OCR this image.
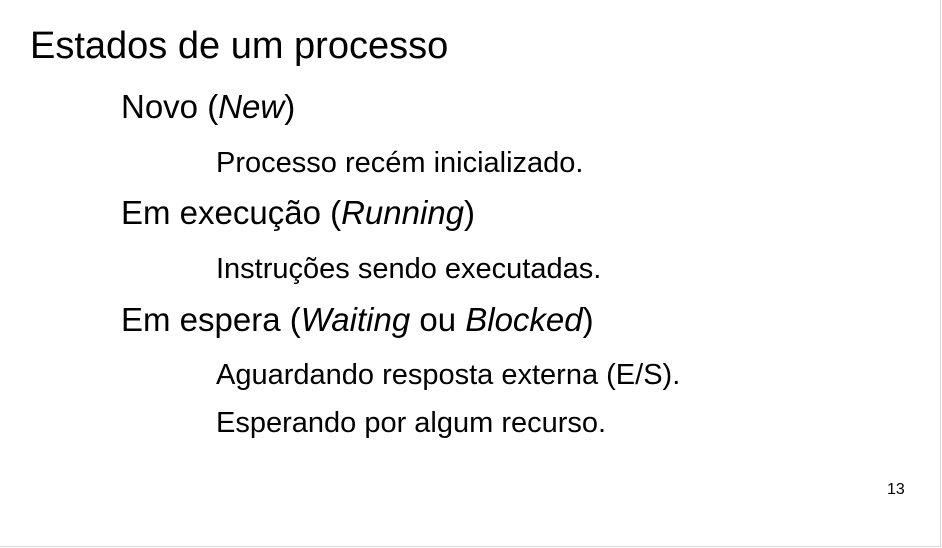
Estados de um processo
Novo (New)
Processo recém inicializado.
Em execução (Running)
Instruções sendo executadas.
Em espera (Waiting ou Blocked)
Aguardando resposta externa (E/S).
Esperando por algum recurso.
13
